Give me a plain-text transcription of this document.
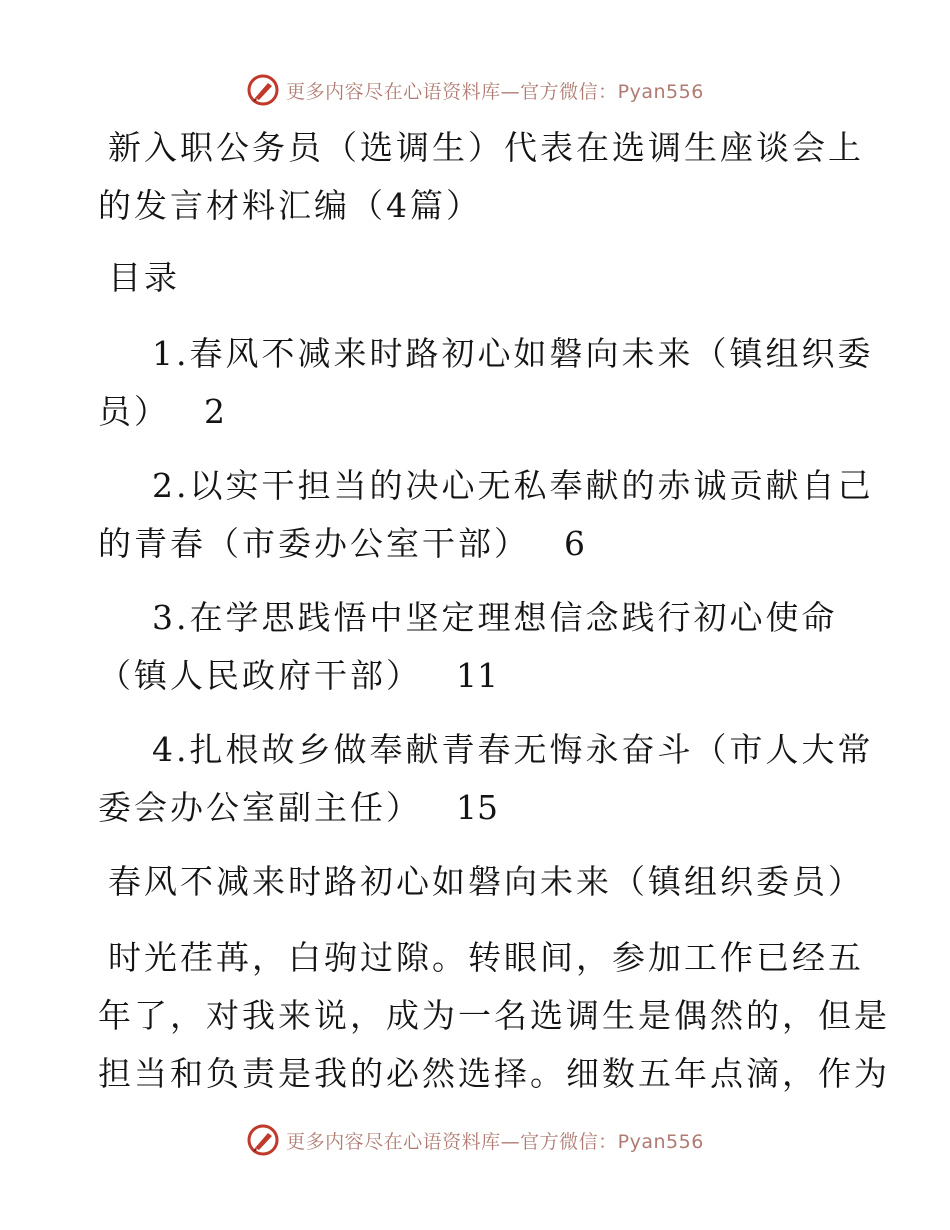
更多内容尽在心语资料库—官方微信：Pyan556
新入职公务员（选调生）代表在选调生座谈会上
的发言材料汇编（4篇）
目录
1.春风不减来时路初心如磐向未来（镇组织委
员） 2
2.以实干担当的决心无私奉献的赤诚贡献自己
的青春（市委办公室干部） 6
3.在学思践悟中坚定理想信念践行初心使命
（镇人民政府干部） 11
4.扎根故乡做奉献青春无悔永奋斗（市人大常
委会办公室副主任） 15
春风不减来时路初心如磐向未来（镇组织委员）
时光荏苒，白驹过隙。转眼间，参加工作已经五
年了，对我来说，成为一名选调生是偶然的，但是
担当和负责是我的必然选择。细数五年点滴，作为
更多内容尽在心语资料库—官方微信：Pyan556
